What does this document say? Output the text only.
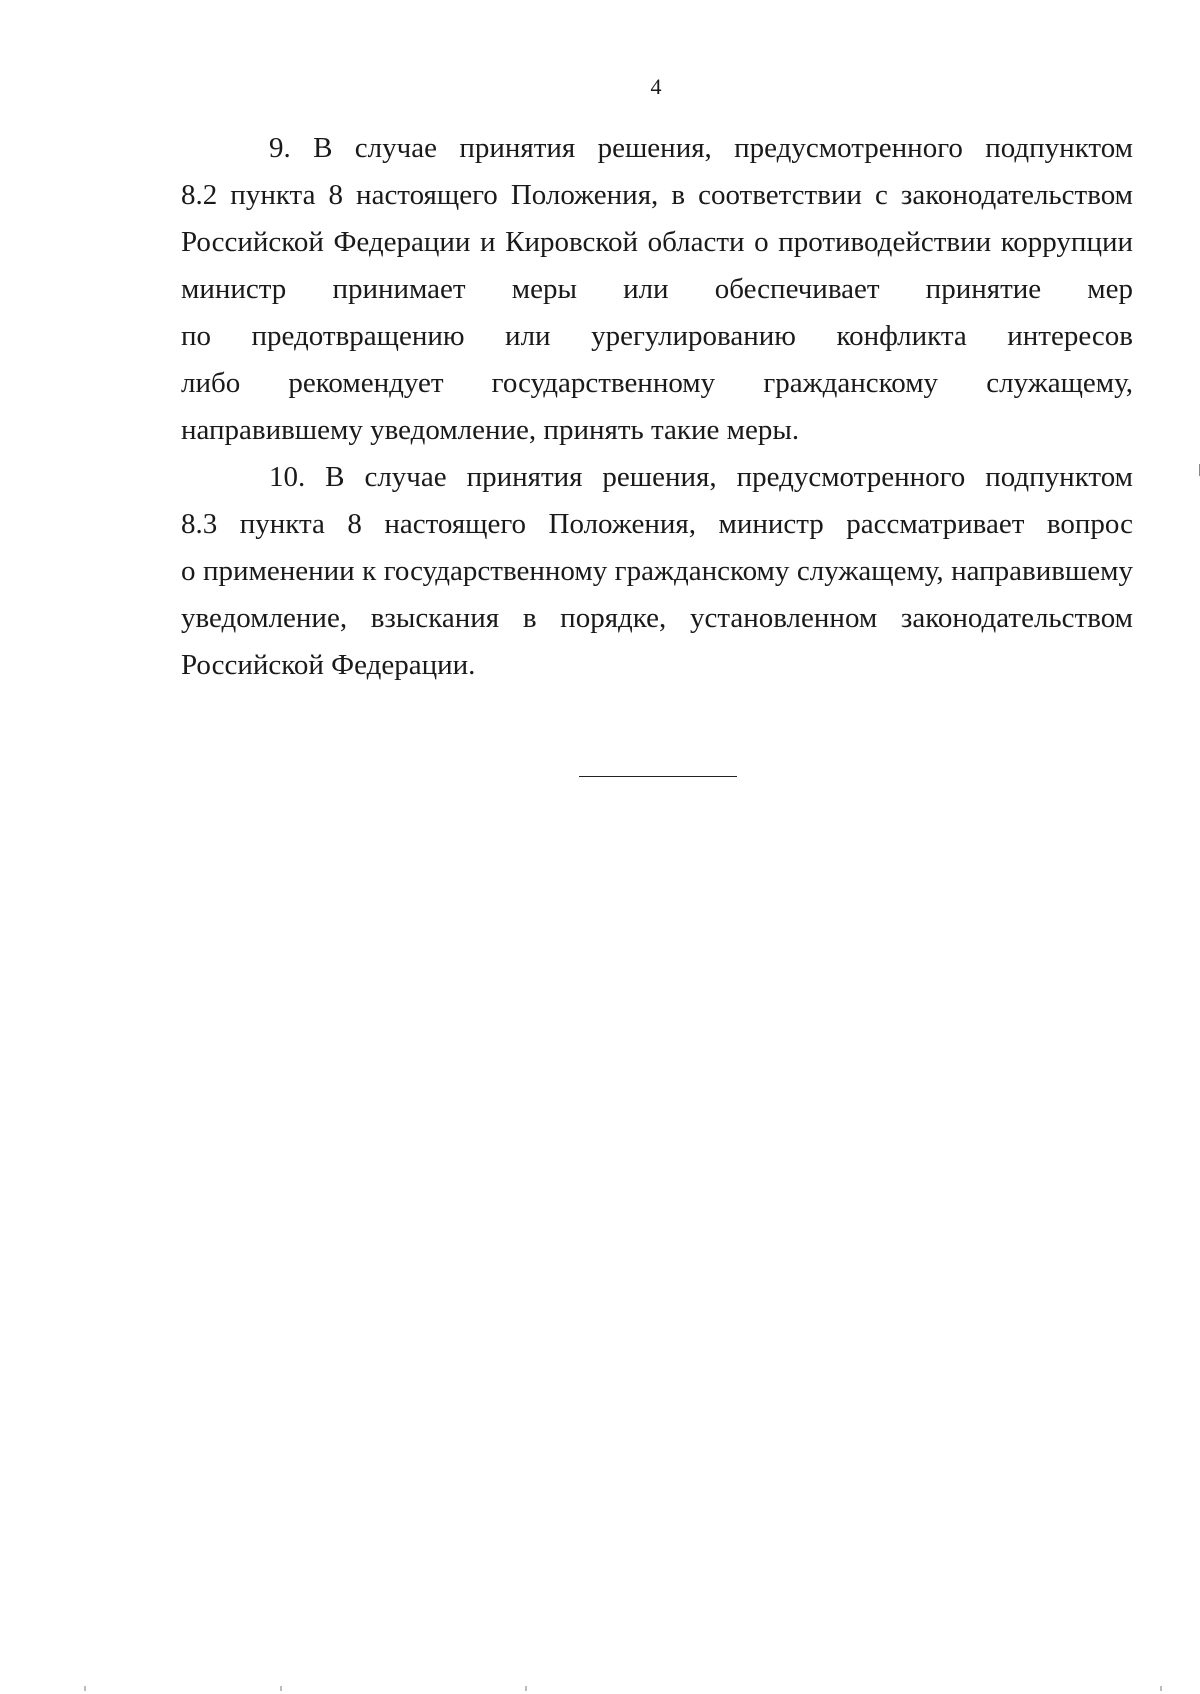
4
9. В случае принятия решения, предусмотренного подпунктом
8.2 пункта 8 настоящего Положения, в соответствии с законодательством
Российской Федерации и Кировской области о противодействии коррупции
министр принимает меры или обеспечивает принятие мер
по предотвращению или урегулированию конфликта интересов
либо рекомендует государственному гражданскому служащему,
направившему уведомление, принять такие меры.
10. В случае принятия решения, предусмотренного подпунктом
8.3 пункта 8 настоящего Положения, министр рассматривает вопрос
о применении к государственному гражданскому служащему, направившему
уведомление, взыскания в порядке, установленном законодательством
Российской Федерации.
